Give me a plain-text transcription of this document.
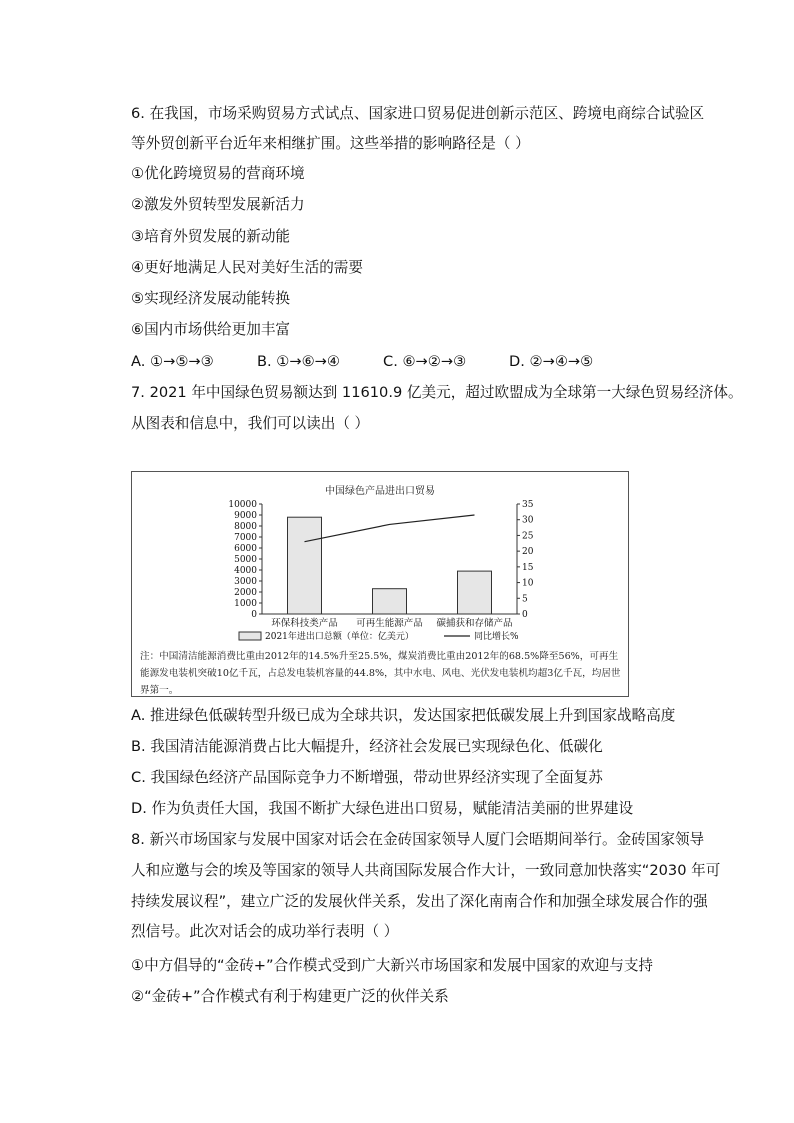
6. 在我国，市场采购贸易方式试点、国家进口贸易促进创新示范区、跨境电商综合试验区
等外贸创新平台近年来相继扩围。这些举措的影响路径是（ ）
①优化跨境贸易的营商环境
②激发外贸转型发展新活力
③培育外贸发展的新动能
④更好地满足人民对美好生活的需要
⑤实现经济发展动能转换
⑥国内市场供给更加丰富
A. ①→⑤→③	B. ①→⑥→④	C. ⑥→②→③	D. ②→④→⑤
7. 2021 年中国绿色贸易额达到 11610.9 亿美元，超过欧盟成为全球第一大绿色贸易经济体。
从图表和信息中，我们可以读出（ ）
中国绿色产品进出口贸易
0
1000
2000
3000
4000
5000
6000
7000
8000
9000
10000
0
5
10
15
20
25
30
35
环保科技类产品 可再生能源产品 碳捕获和存储产品
2021年进出口总额（单位：亿美元）	同比增长%
注：中国清洁能源消费比重由2012年的14.5%升至25.5%，煤炭消费比重由2012年的68.5%降至56%，可再生能源发电装机突破10亿千瓦，占总发电装机容量的44.8%，其中水电、风电、光伏发电装机均超3亿千瓦，均居世界第一。
A. 推进绿色低碳转型升级已成为全球共识，发达国家把低碳发展上升到国家战略高度
B. 我国清洁能源消费占比大幅提升，经济社会发展已实现绿色化、低碳化
C. 我国绿色经济产品国际竞争力不断增强，带动世界经济实现了全面复苏
D. 作为负责任大国，我国不断扩大绿色进出口贸易，赋能清洁美丽的世界建设
8. 新兴市场国家与发展中国家对话会在金砖国家领导人厦门会晤期间举行。金砖国家领导
人和应邀与会的埃及等国家的领导人共商国际发展合作大计，一致同意加快落实“2030 年可
持续发展议程”，建立广泛的发展伙伴关系，发出了深化南南合作和加强全球发展合作的强
烈信号。此次对话会的成功举行表明（ ）
①中方倡导的“金砖+”合作模式受到广大新兴市场国家和发展中国家的欢迎与支持
②“金砖+”合作模式有利于构建更广泛的伙伴关系
